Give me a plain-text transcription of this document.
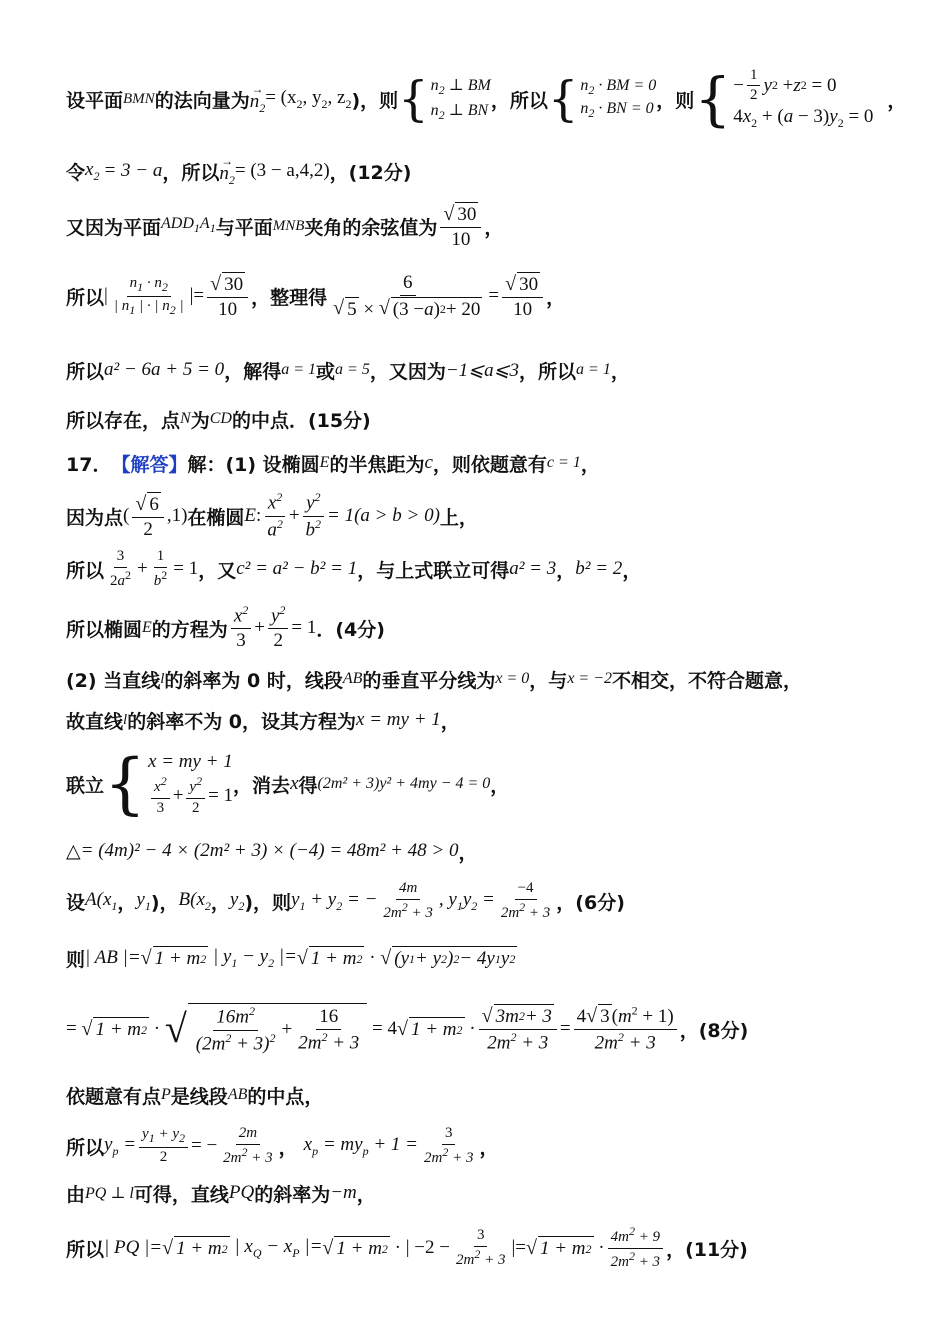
设平面 BMN 的法向量为
→
$n_2$
= ($x_2$, $y_2$, $z_2$ )，则 { $n_2$ ⊥ BM
$n_2$ ⊥ BN ，所以 { $n_2$ · BM = 0
$n_2$ · BN = 0 ，则 { − $\frac{1}{2}$ y 2 + z 2 = 0
$4x_2 + (a - 3)y_2 = 0$
，
令 $x_2 = 3 - a$ ，所以
→
$n_2 = (3 - a,4,2)$ ，(12分)
又因为平面 $ADD_1A_1$ 与平面 MNB 夹角的余弦值为 $\frac{√ 30}{10}$ ，
所以 | $\frac{n_1 \cdot n_2}{| n_1 | \cdot | n_2 |}$ |= $\frac{√ 30}{10}$ ，整理得 $\frac{6}{√ 5 \times √ (3 - a ) 2 + 20} = \frac{√ 30}{10}$ ，
所以 a² − 6a + 5 = 0 ，解得 a = 1 或 a = 5 ，又因为 −1⩽a⩽3 ，所以 a = 1 ，
所以存在，点 N 为 CD 的中点．(15分)
17． 【解答】 解：(1) 设椭圆 E 的半焦距为 c ，则依题意有 c = 1 ，
因为点 ( $\frac{√ 6}{2} ,1$) 在椭圆 E : $\frac{x^2}{a^2} + \frac{y^2}{b^2} = 1(a > b > 0)$ 上，
所以 $\frac{3}{2a^2} + \frac{1}{b^2} = 1$ ，又 c² = a² − b² = 1 ，与上式联立可得 a² = 3 ， b² = 2 ，
所以椭圆 E 的方程为 $\frac{x^2}{3} + \frac{y^2}{2} = 1$ ．(4分)
(2) 当直线 l 的斜率为 0 时，线段 AB 的垂直平分线为 x = 0 ，与 x = −2 不相交，不符合题意，
故直线 l 的斜率不为 0，设其方程为 x = my + 1 ，
联立 { x = my + 1
$\frac{x^2}{3} + \frac{y^2}{2} = 1$ ，消去 x 得 (2m² + 3)y² + 4my − 4 = 0 ，
△ = (4m)² − 4 × (2m² + 3) × (−4) = 48m² + 48 > 0 ，
设 $A(x_1$ ， $y_1$ )， $B(x_2$ ， $y_2$ )，则 $y_1 + y_2$ = − $\frac{4m}{2m^2 + 3}$ , $y_1y_2 = \frac{-4}{2m^2 + 3}$ ，(6分)
则 | AB |= √ 1 + m 2 | $y_1 - y_2$ |= √ 1 + m 2 · √ (y 1 + y 2 ) 2 − 4y 1 y 2
= √ 1 + m 2 · √ $\frac{16m^2}{(2m^2 + 3)^2} + \frac{16}{2m^2 + 3} = 4$ √ 1 + m $2 \cdot \frac{√ 3m 2 + 3}{2m^2 + 3} = \frac{4 √ 3 (m^2 + 1)}{2m^2 + 3}$ ，(8分)
依题意有点 P 是线段 AB 的中点，
所以 $y_p = \frac{y_1 + y_2}{2}$ = − $\frac{2m}{2m^2 + 3}$ ， $x_p = my_p + 1 = \frac{3}{2m^2 + 3}$ ，
由 PQ ⊥ l 可得，直线 PQ 的斜率为 −m ，
所以 | PQ |= √ 1 + m 2 | $x_Q - x_P$ |= √ 1 + m 2 · | $-2 - \frac{3}{2m^2 + 3}$ |= √ 1 + m $2 \cdot \frac{4m^2 + 9}{2m^2 + 3}$ ，(11分)
